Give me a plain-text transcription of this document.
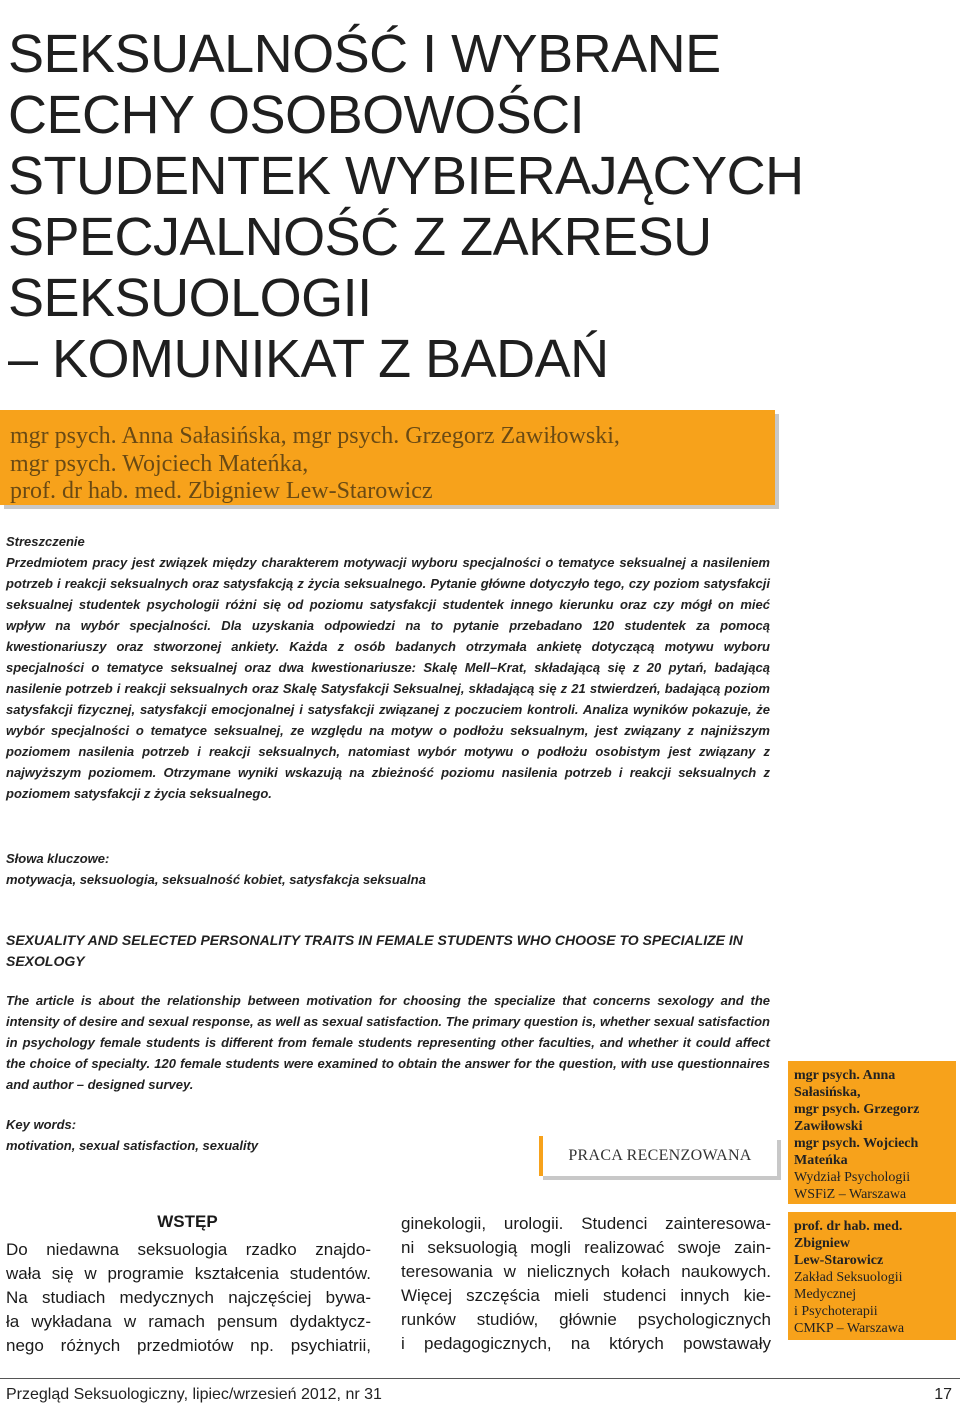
SEKSUALNOŚĆ I WYBRANE
CECHY OSOBOWOŚCI
STUDENTEK WYBIERAJĄCYCH
SPECJALNOŚĆ Z ZAKRESU
SEKSUOLOGII
– KOMUNIKAT Z BADAŃ
mgr psych. Anna Sałasińska, mgr psych. Grzegorz Zawiłowski,
mgr psych. Wojciech Mateńka,
prof. dr hab. med. Zbigniew Lew-Starowicz
Streszczenie
Przedmiotem pracy jest związek między charakterem motywacji wyboru specjalności o tematyce seksualnej a nasileniem potrzeb i reakcji seksualnych oraz satysfakcją z życia seksualnego. Pytanie główne dotyczyło tego, czy poziom satysfakcji seksualnej studentek psychologii różni się od poziomu satysfakcji studentek innego kierunku oraz czy mógł on mieć wpływ na wybór specjalności. Dla uzyskania odpowiedzi na to pytanie przebadano 120 studentek za pomocą kwestionariuszy oraz stworzonej ankiety. Każda z osób badanych otrzymała ankietę dotyczącą motywu wyboru specjalności o tematyce seksualnej oraz dwa kwestionariusze: Skalę Mell–Krat, składającą się z 20 pytań, badającą nasilenie potrzeb i reakcji seksualnych oraz Skalę Satysfakcji Seksualnej, składającą się z 21 stwierdzeń, badającą poziom satysfakcji fizycznej, satysfakcji emocjonalnej i satysfakcji związanej z poczuciem kontroli. Analiza wyników pokazuje, że wybór specjalności o tematyce seksualnej, ze względu na motyw o podłożu seksualnym, jest związany z najniższym poziomem nasilenia potrzeb i reakcji seksualnych, natomiast wybór motywu o podłożu osobistym jest związany z najwyższym poziomem. Otrzymane wyniki wskazują na zbieżność poziomu nasilenia potrzeb i reakcji seksualnych z poziomem satysfakcji z życia seksualnego.
Słowa kluczowe:
motywacja, seksuologia, seksualność kobiet, satysfakcja seksualna
SEXUALITY AND SELECTED PERSONALITY TRAITS IN FEMALE STUDENTS WHO CHOOSE TO SPECIALIZE IN SEXOLOGY
The article is about the relationship between motivation for choosing the specialize that concerns sexology and the intensity of desire and sexual response, as well as sexual satisfaction. The primary question is, whether sexual satisfaction in psychology female students is different from female students representing other faculties, and whether it could affect the choice of specialty. 120 female students were examined to obtain the answer for the question, with use questionnaires and author – designed survey.
Key words:
motivation, sexual satisfaction, sexuality
PRACA RECENZOWANA
mgr psych. Anna
Sałasińska,
mgr psych. Grzegorz
Zawiłowski
mgr psych. Wojciech
Mateńka
Wydział Psychologii
WSFiZ – Warszawa
prof. dr hab. med.
Zbigniew
Lew-Starowicz
Zakład Seksuologii
Medycznej
i Psychoterapii
CMKP – Warszawa
WSTĘP
Do niedawna seksuologia rzadko znajdo-
wała się w programie kształcenia studentów.
Na studiach medycznych najczęściej bywa-
ła wykładana w ramach pensum dydaktycz-
nego różnych przedmiotów np. psychiatrii,
ginekologii, urologii. Studenci zainteresowa-
ni seksuologią mogli realizować swoje zain-
teresowania w nielicznych kołach naukowych.
Więcej szczęścia mieli studenci innych kie-
runków studiów, głównie psychologicznych
i pedagogicznych, na których powstawały
Przegląd Seksuologiczny, lipiec/wrzesień 2012, nr 31	17
